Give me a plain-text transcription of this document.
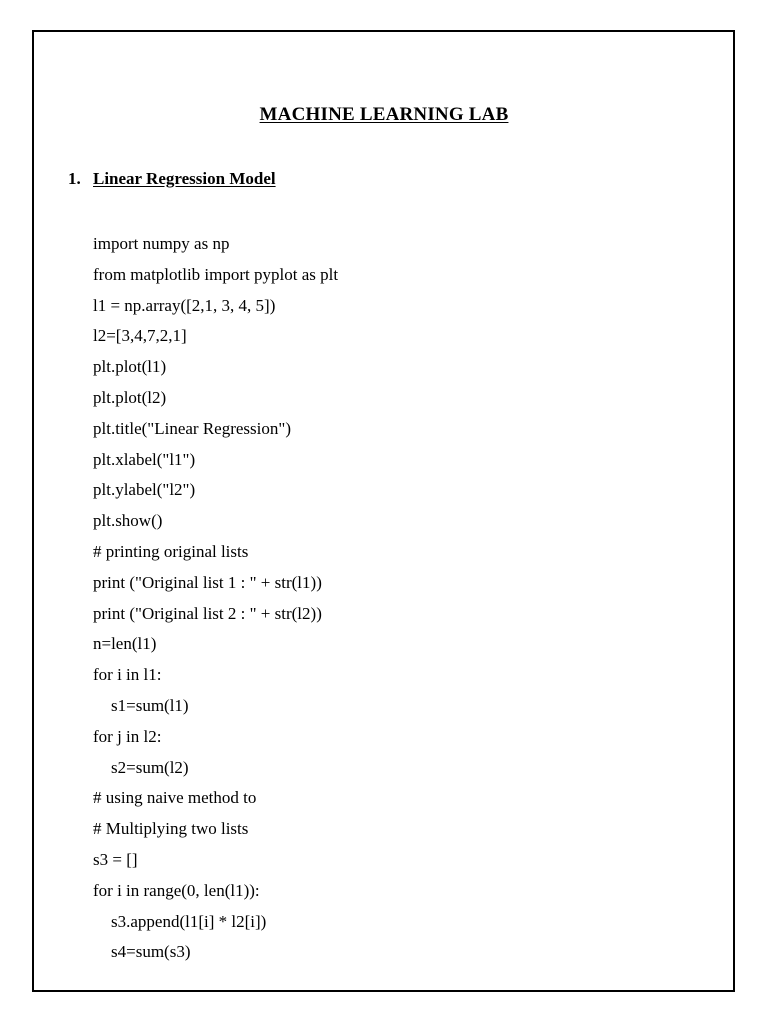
MACHINE LEARNING LAB
1. Linear Regression Model
import numpy as np
from matplotlib import pyplot as plt
l1 = np.array([2,1, 3, 4, 5])
l2=[3,4,7,2,1]
plt.plot(l1)
plt.plot(l2)
plt.title("Linear Regression")
plt.xlabel("l1")
plt.ylabel("l2")
plt.show()
# printing original lists
print ("Original list 1 : " + str(l1))
print ("Original list 2 : " + str(l2))
n=len(l1)
for i in l1:
s1=sum(l1)
for j in l2:
s2=sum(l2)
# using naive method to
# Multiplying two lists
s3 = []
for i in range(0, len(l1)):
s3.append(l1[i] * l2[i])
s4=sum(s3)
